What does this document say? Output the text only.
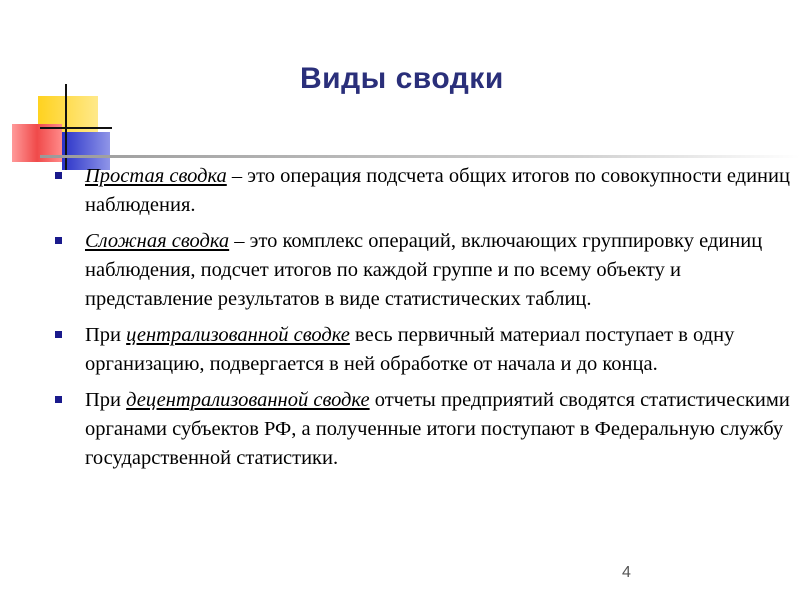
Виды сводки
Простая сводка – это операция подсчета общих итогов по совокупности единиц наблюдения.
Сложная сводка – это комплекс операций, включающих группировку единиц наблюдения, подсчет итогов по каждой группе и по всему объекту и представление результатов в виде статистических таблиц.
При централизованной сводке весь первичный материал поступает в одну организацию, подвергается в ней обработке от начала и до конца.
При децентрализованной сводке отчеты предприятий сводятся статистическими органами субъектов РФ, а полученные итоги поступают в Федеральную службу государственной статистики.
4
